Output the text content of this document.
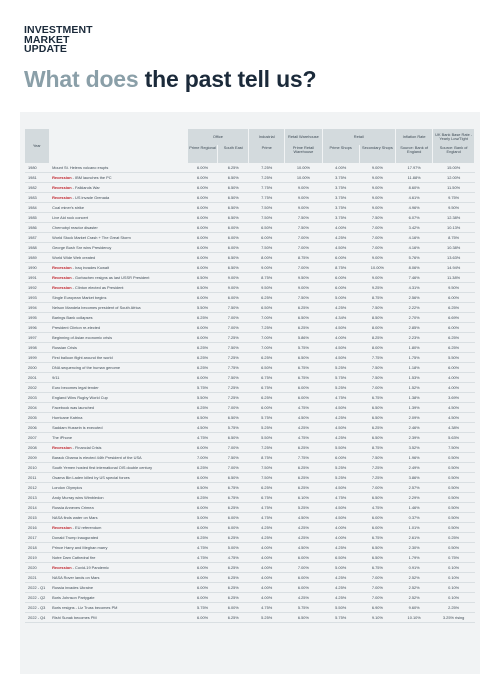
INVESTMENT
MARKET
UPDATE
What does the past tell us?
Year		Office		Industrial	Retail Warehouse	Retail		Inflation Rate	UK Bank Base Rate - Yearly Low/Tight
		Prime Regional	South East	Prime	Prime Retail Warehouse	Prime Shops	Secondary Shops	Source: Bank of England	Source: Bank of England
1980	Mount St. Helens volcano erupts	6.00%	6.25%	7.25%	10.00%	4.00%	9.00%	17.97%	15.00%
1981	Recession - IBM launches the PC	6.00%	6.50%	7.25%	10.00%	3.75%	9.00%	11.88%	12.00%
1982	Recession - Falklands War	6.00%	6.50%	7.75%	9.00%	3.75%	9.00%	8.60%	11.50%
1983	Recession - US invade Grenada	6.00%	6.50%	7.75%	9.00%	3.75%	9.00%	4.61%	9.75%
1984	Coal miner's strike	6.00%	6.50%	7.50%	9.00%	3.75%	9.00%	4.96%	9.50%
1985	Live Aid rock concert	6.00%	6.50%	7.50%	7.50%	3.75%	7.50%	6.07%	12.38%
1986	Chernobyl reactor disaster	6.00%	6.00%	6.50%	7.50%	4.00%	7.00%	3.42%	10.13%
1987	World Stock Market Crash + The Great Storm	6.00%	6.00%	6.00%	7.00%	4.25%	7.00%	4.16%	8.75%
1988	George Bush Snr wins Presidency	6.00%	6.00%	7.50%	7.00%	4.50%	7.00%	4.16%	10.38%
1989	World Wide Web created	6.00%	6.50%	8.00%	8.75%	6.00%	9.00%	5.76%	13.63%
1990	Recession - Iraq invades Kuwait	6.00%	6.50%	9.00%	7.00%	8.75%	10.00%	8.06%	14.94%
1991	Recession - Gorbachev resigns as last USSR President	6.50%	9.00%	8.75%	9.50%	6.00%	9.00%	7.46%	11.38%
1992	Recession - Clinton elected as President	6.50%	9.00%	9.50%	9.00%	6.00%	9.25%	4.31%	9.50%
1993	Single European Market begins	6.00%	6.00%	6.25%	7.50%	5.00%	8.75%	2.56%	6.00%
1994	Nelson Mandela becomes president of South Africa	5.50%	7.50%	6.50%	6.25%	4.25%	7.50%	2.22%	6.25%
1995	Barings Bank collapses	6.25%	7.00%	7.00%	6.50%	4.34%	8.50%	2.70%	6.69%
1996	President Clinton re-elected	6.00%	7.00%	7.25%	6.25%	4.50%	8.00%	2.85%	6.00%
1997	Beginning of Asian economic crisis	6.00%	7.25%	7.00%	5.86%	4.00%	8.25%	2.23%	6.25%
1998	Russian Crisis	6.25%	7.50%	7.00%	5.75%	4.50%	8.00%	1.80%	6.25%
1999	First balloon flight around the world	6.25%	7.25%	6.25%	6.50%	4.50%	7.75%	1.75%	5.50%
2000	DNA sequencing of the human genome	6.25%	7.75%	6.50%	6.75%	5.25%	7.50%	1.18%	6.00%
2001	9/11	6.00%	7.50%	6.75%	6.75%	5.75%	7.50%	1.53%	4.00%
2002	Euro becomes legal tender	5.75%	7.25%	6.75%	6.00%	5.25%	7.00%	1.52%	4.00%
2003	England Wins Rugby World Cup	5.50%	7.25%	6.25%	6.00%	4.75%	6.75%	1.38%	3.69%
2004	Facebook was launched	6.25%	7.00%	6.00%	4.75%	4.50%	6.50%	1.39%	4.50%
2005	Hurricane Katrina	6.50%	6.50%	5.75%	4.50%	4.25%	6.50%	2.09%	4.50%
2006	Saddam Hussein is executed	4.50%	5.75%	5.25%	4.25%	4.50%	6.25%	2.46%	4.38%
2007	The iPhone	4.75%	6.50%	5.50%	4.75%	4.25%	6.50%	2.39%	5.63%
2008	Recession - Financial Crisis	6.00%	7.00%	7.25%	6.25%	5.50%	8.75%	3.52%	7.50%
2009	Barack Obama is elected 44th President of the USA	7.00%	7.50%	8.75%	7.75%	6.00%	7.50%	1.96%	0.50%
2010	South Yemen hosted first international OIS double century	6.25%	7.00%	7.50%	6.25%	5.25%	7.25%	2.49%	0.50%
2011	Osama Bin Laden killed by US special forces	6.00%	6.50%	7.50%	6.25%	5.25%	7.25%	3.86%	0.50%
2012	London Olympics	6.50%	6.75%	6.25%	6.25%	4.50%	7.00%	2.57%	0.50%
2013	Andy Murray wins Wimbledon	6.25%	6.75%	6.75%	6.10%	4.75%	6.50%	2.29%	0.50%
2014	Russia Annexes Crimea	6.00%	6.25%	4.75%	5.25%	4.50%	4.75%	1.46%	0.50%
2015	NASA finds water on Mars	5.00%	6.00%	4.75%	4.50%	4.50%	6.00%	0.37%	0.50%
2016	Recession - EU referendum	6.00%	6.00%	4.25%	4.25%	4.00%	6.00%	1.01%	0.50%
2017	Donald Trump inaugurated	6.25%	6.25%	4.25%	4.25%	4.00%	6.75%	2.61%	0.25%
2018	Prince Harry and Meghan marry	4.75%	5.00%	4.00%	4.50%	4.25%	6.50%	2.30%	0.50%
2019	Notre Dam Cathedral fire	4.75%	4.75%	4.00%	6.00%	6.50%	6.50%	1.79%	0.75%
2020	Recession - Covid-19 Pandemic	6.00%	6.25%	4.00%	7.00%	5.00%	6.75%	0.91%	0.10%
2021	NASA Rover lands on Mars	6.00%	6.25%	4.00%	6.00%	4.25%	7.00%	2.52%	0.10%
2022 - Q1	Russia invades Ukraine	6.00%	6.25%	4.00%	6.00%	4.25%	7.00%	2.52%	0.10%
2022 - Q2	Boris Johnson Partygate	6.00%	6.25%	4.00%	4.25%	4.25%	7.00%	2.52%	0.10%
2022 - Q3	Boris resigns - Liz Truss becomes PM	5.75%	6.00%	4.75%	5.75%	5.50%	6.90%	9.60%	2.25%
2022 - Q4	Rishi Sunak becomes PM	6.00%	6.25%	5.25%	6.50%	5.75%	9.10%	10.10%	3.25% rising
